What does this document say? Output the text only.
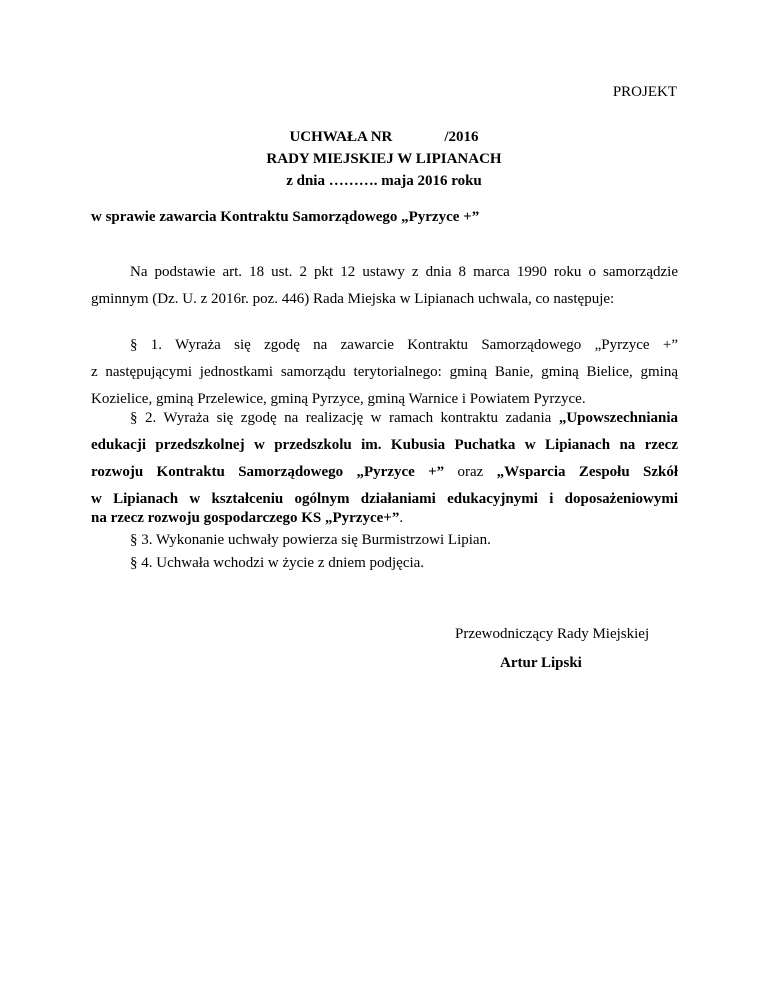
PROJEKT
UCHWAŁA NR	/2016
RADY MIEJSKIEJ W LIPIANACH
z dnia ………. maja 2016 roku
w sprawie zawarcia Kontraktu Samorządowego „Pyrzyce +”
Na podstawie art. 18 ust. 2 pkt 12 ustawy z dnia 8 marca 1990 roku o samorządzie
gminnym (Dz. U. z 2016r. poz. 446) Rada Miejska w Lipianach uchwala, co następuje:
§ 1. Wyraża się zgodę na zawarcie Kontraktu Samorządowego „Pyrzyce +”
z następującymi jednostkami samorządu terytorialnego: gminą Banie, gminą Bielice, gminą
Kozielice, gminą Przelewice, gminą Pyrzyce, gminą Warnice i Powiatem Pyrzyce.
§ 2. Wyraża się zgodę na realizację w ramach kontraktu zadania „Upowszechniania
edukacji przedszkolnej w przedszkolu im. Kubusia Puchatka w Lipianach na rzecz
rozwoju Kontraktu Samorządowego „Pyrzyce +” oraz „Wsparcia Zespołu Szkół
w Lipianach w kształceniu ogólnym działaniami edukacyjnymi i doposażeniowymi
na rzecz rozwoju gospodarczego KS „Pyrzyce+”.
§ 3. Wykonanie uchwały powierza się Burmistrzowi Lipian.
§ 4. Uchwała wchodzi w życie z dniem podjęcia.
Przewodniczący Rady Miejskiej
Artur Lipski
